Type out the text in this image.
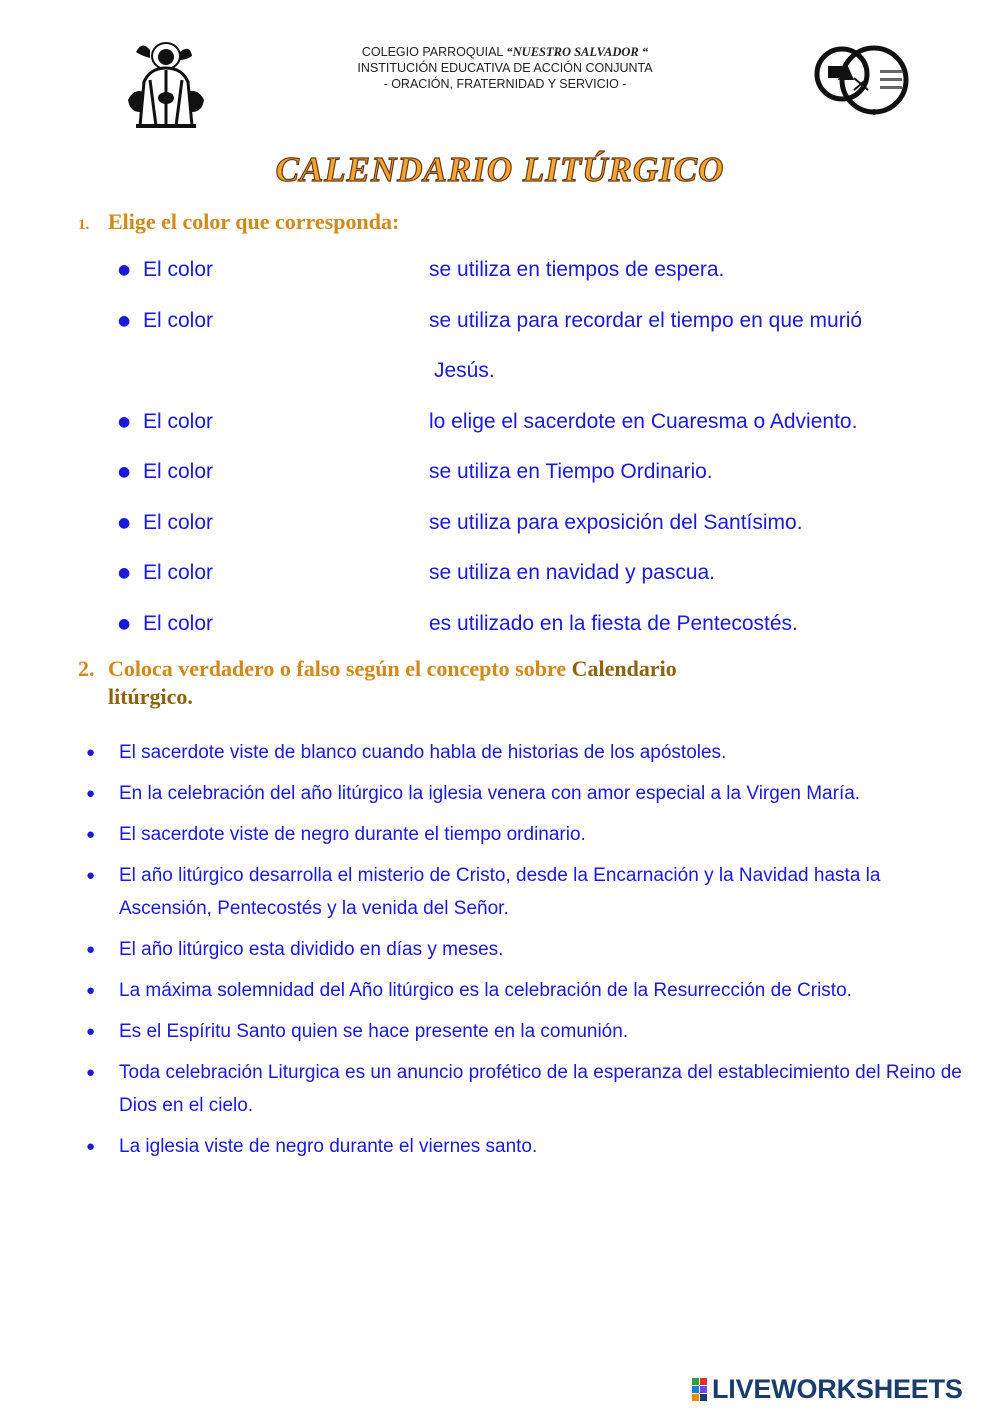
COLEGIO PARROQUIAL “NUESTRO SALVADOR “
INSTITUCIÓN EDUCATIVA DE ACCIÓN CONJUNTA
- ORACIÓN, FRATERNIDAD Y SERVICIO -
CALENDARIO LITÚRGICO
1. Elige el color que corresponda:
● El color	se utiliza en tiempos de espera.
● El color	se utiliza para recordar el tiempo en que murió
Jesús.
● El color	lo elige el sacerdote en Cuaresma o Adviento.
● El color	se utiliza en Tiempo Ordinario.
● El color	se utiliza para exposición del Santísimo.
● El color	se utiliza en navidad y pascua.
● El color	es utilizado en la fiesta de Pentecostés.
2. Coloca verdadero o falso según el concepto sobre Calendario
litúrgico.
● El sacerdote viste de blanco cuando habla de historias de los apóstoles.
● En la celebración del año litúrgico la iglesia venera con amor especial a la Virgen María.
● El sacerdote viste de negro durante el tiempo ordinario.
● El año litúrgico desarrolla el misterio de Cristo, desde la Encarnación y la Navidad hasta la Ascensión, Pentecostés y la venida del Señor.
● El año litúrgico esta dividido en días y meses.
● La máxima solemnidad del Año litúrgico es la celebración de la Resurrección de Cristo.
● Es el Espíritu Santo quien se hace presente en la comunión.
● Toda celebración Liturgica es un anuncio profético de la esperanza del establecimiento del Reino de Dios en el cielo.
● La iglesia viste de negro durante el viernes santo.
LIVEWORKSHEETS
